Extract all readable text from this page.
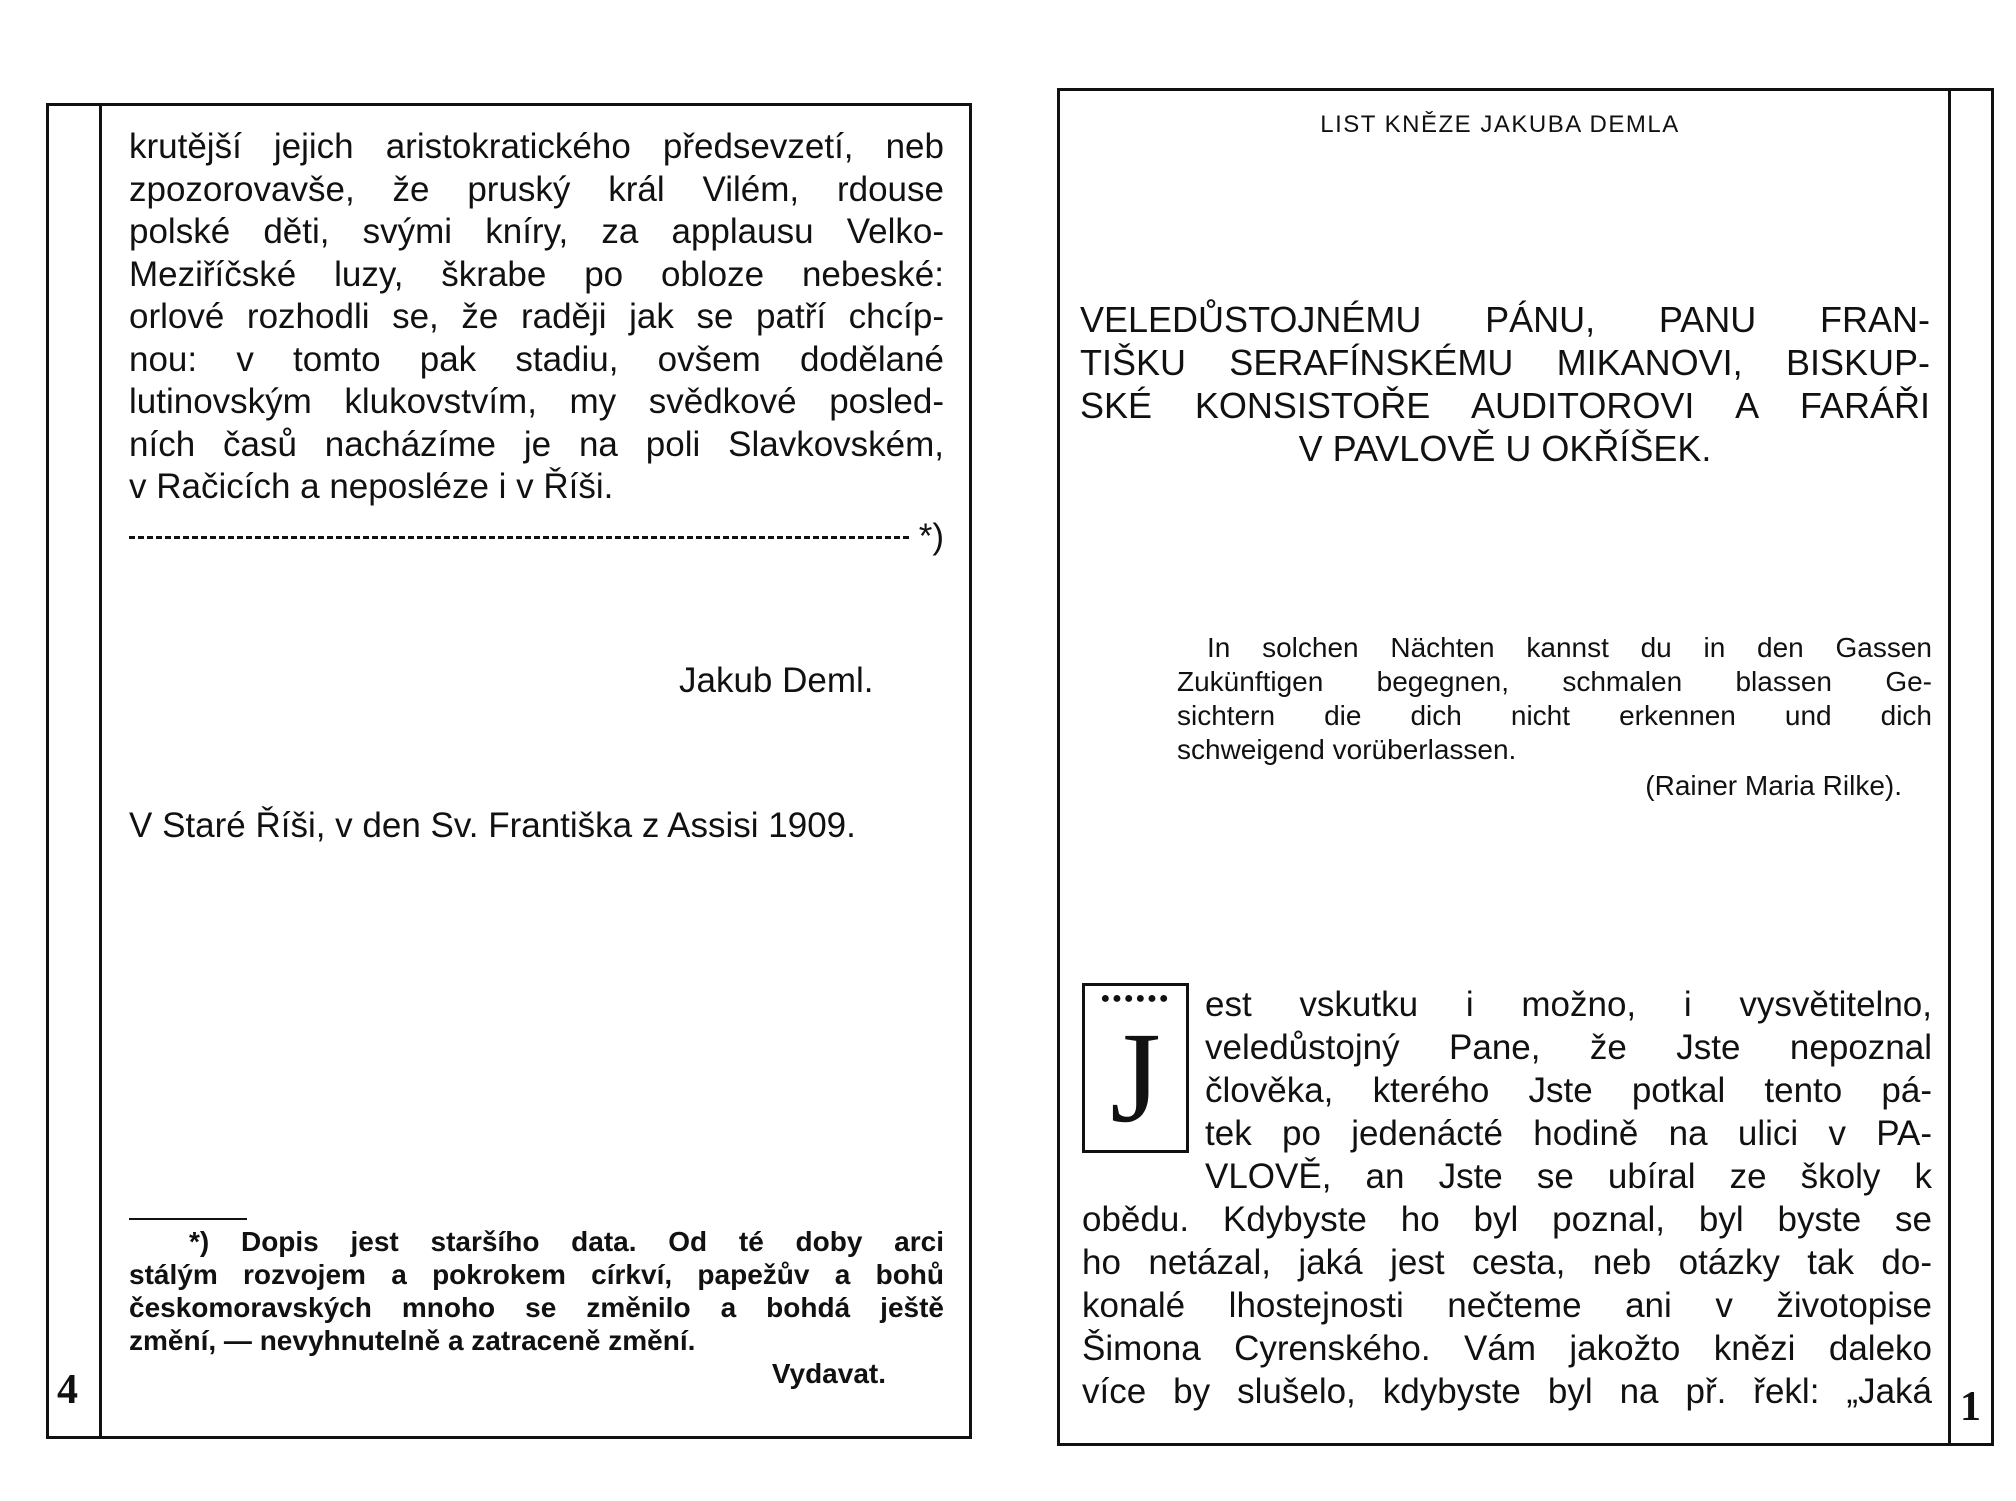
4
krutější jejich aristokratického předsevzetí, neb
zpozorovavše, že pruský král Vilém, rdouse
polské děti, svými kníry, za applausu Velko-
Meziříčské luzy, škrabe po obloze nebeské:
orlové rozhodli se, že raději jak se patří chcíp-
nou: v tomto pak stadiu, ovšem dodělané
lutinovským klukovstvím, my svědkové posled-
ních časů nacházíme je na poli Slavkovském,
v Račicích a neposléze i v Říši.
*)
Jakub Deml.
V Staré Říši, v den Sv. Františka z Assisi 1909.
*) Dopis jest staršího data. Od té doby arci
stálým rozvojem a pokrokem církví, papežův a bohů
českomoravských mnoho se změnilo a bohdá ještě
změní, — nevyhnutelně a zatraceně změní.
Vydavat.
1
LIST KNĚZE JAKUBA DEMLA
VELEDŮSTOJNÉMU PÁNU, PANU FRAN-
TIŠKU SERAFÍNSKÉMU MIKANOVI, BISKUP-
SKÉ KONSISTOŘE AUDITOROVI A FARÁŘI
V PAVLOVĚ U OKŘÍŠEK.
In solchen Nächten kannst du in den Gassen
Zukünftigen begegnen, schmalen blassen Ge-
sichtern die dich nicht erkennen und dich
schweigend vorüberlassen.
(Rainer Maria Rilke).
●●●●●●
J
est vskutku i možno, i vysvětitelno,
veledůstojný Pane, že Jste nepoznal
člověka, kterého Jste potkal tento pá-
tek po jedenácté hodině na ulici v PA-
VLOVĚ, an Jste se ubíral ze školy k
obědu. Kdybyste ho byl poznal, byl byste se
ho netázal, jaká jest cesta, neb otázky tak do-
konalé lhostejnosti nečteme ani v životopise
Šimona Cyrenského. Vám jakožto knězi daleko
více by slušelo, kdybyste byl na př. řekl: „Jaká
